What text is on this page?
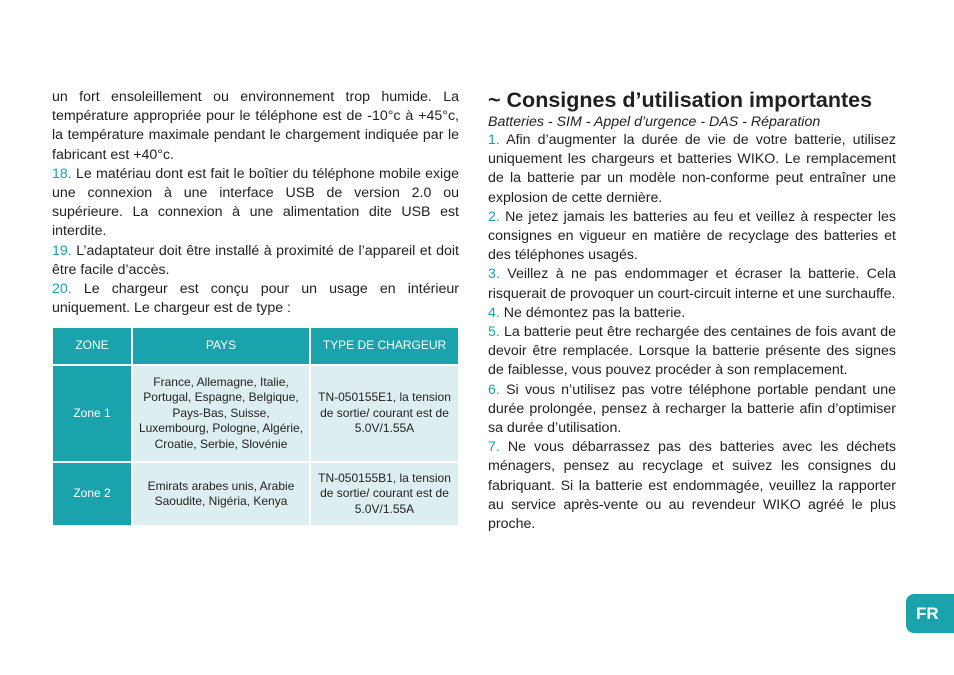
un fort ensoleillement ou environnement trop humide. La température appropriée pour le téléphone est de -10°c à +45°c, la température maximale pendant le chargement indiquée par le fabricant est +40°c.

18. Le matériau dont est fait le boîtier du téléphone mobile exige une connexion à une interface USB de version 2.0 ou supérieure. La connexion à une alimentation dite USB est interdite.

19. L’adaptateur doit être installé à proximité de l’appareil et doit être facile d’accès.

20. Le chargeur est conçu pour un usage en intérieur uniquement. Le chargeur est de type :

ZONE	PAYS	TYPE DE CHARGEUR
Zone 1	France, Allemagne, Italie, Portugal, Espagne, Belgique, Pays-Bas, Suisse, Luxembourg, Pologne, Algérie, Croatie, Serbie, Slovénie	TN-050155E1, la tension de sortie/ courant est de 5.0V/1.55A
Zone 2	Emirats arabes unis, Arabie Saoudite, Nigéria, Kenya	TN-050155B1, la tension de sortie/ courant est de 5.0V/1.55A
~ Consignes d’utilisation importantes

Batteries - SIM - Appel d’urgence - DAS - Réparation

1. Afin d’augmenter la durée de vie de votre batterie, utilisez uniquement les chargeurs et batteries WIKO. Le remplacement de la batterie par un modèle non-conforme peut entraîner une explosion de cette dernière.

2. Ne jetez jamais les batteries au feu et veillez à respecter les consignes en vigueur en matière de recyclage des batteries et des téléphones usagés.

3. Veillez à ne pas endommager et écraser la batterie. Cela risquerait de provoquer un court-circuit interne et une surchauffe.

4. Ne démontez pas la batterie.

5. La batterie peut être rechargée des centaines de fois avant de devoir être remplacée. Lorsque la batterie présente des signes de faiblesse, vous pouvez procéder à son remplacement.

6. Si vous n’utilisez pas votre téléphone portable pendant une durée prolongée, pensez à recharger la batterie afin d’optimiser sa durée d’utilisation.

7. Ne vous débarrassez pas des batteries avec les déchets ménagers, pensez au recyclage et suivez les consignes du fabriquant. Si la batterie est endommagée, veuillez la rapporter au service après-vente ou au revendeur WIKO agréé le plus proche.

FR
